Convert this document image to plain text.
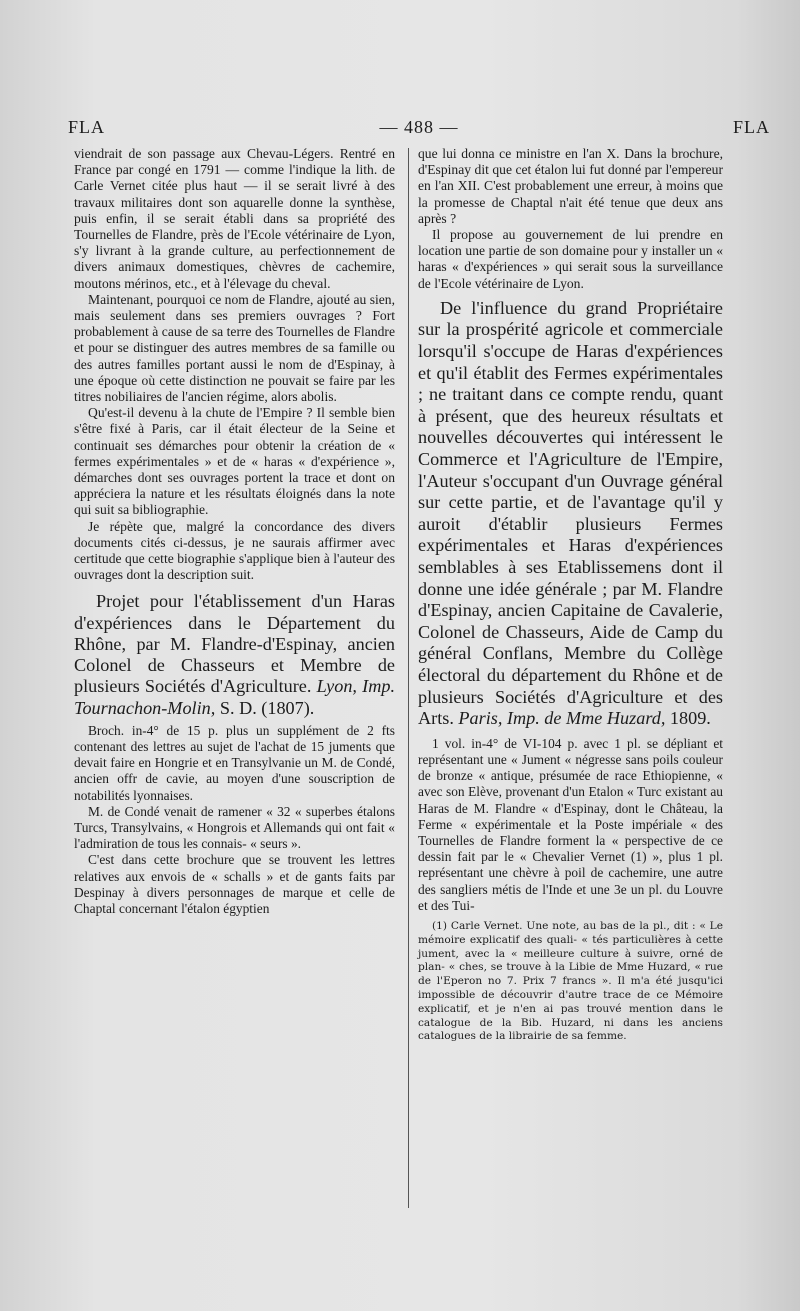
FLA	— 488 —	FLA

viendrait de son passage aux Chevau-Légers. Rentré en France par congé en 1791 — comme l'indique la lith. de Carle Vernet citée plus haut — il se serait livré à des travaux militaires dont son aquarelle donne la synthèse, puis enfin, il se serait établi dans sa propriété des Tournelles de Flandre, près de l'Ecole vétérinaire de Lyon, s'y livrant à la grande culture, au perfectionnement de divers animaux domestiques, chèvres de cachemire, moutons mérinos, etc., et à l'élevage du cheval.

Maintenant, pourquoi ce nom de Flandre, ajouté au sien, mais seulement dans ses premiers ouvrages ? Fort probablement à cause de sa terre des Tournelles de Flandre et pour se distinguer des autres membres de sa famille ou des autres familles portant aussi le nom de d'Espinay, à une époque où cette distinction ne pouvait se faire par les titres nobiliaires de l'ancien régime, alors abolis.

Qu'est-il devenu à la chute de l'Empire ? Il semble bien s'être fixé à Paris, car il était électeur de la Seine et continuait ses démarches pour obtenir la création de « fermes expérimentales » et de « haras « d'expérience », démarches dont ses ouvrages portent la trace et dont on appréciera la nature et les résultats éloignés dans la note qui suit sa bibliographie.

Je répète que, malgré la concordance des divers documents cités ci-dessus, je ne saurais affirmer avec certitude que cette biographie s'applique bien à l'auteur des ouvrages dont la description suit.

Projet pour l'établissement d'un Haras d'expériences dans le Département du Rhône, par M. Flandre-d'Espinay, ancien Colonel de Chasseurs et Membre de plusieurs Sociétés d'Agriculture. Lyon, Imp. Tournachon-Molin, S. D. (1807).

Broch. in-4° de 15 p. plus un supplément de 2 fts contenant des lettres au sujet de l'achat de 15 juments que devait faire en Hongrie et en Transylvanie un M. de Condé, ancien offr de cavie, au moyen d'une souscription de notabilités lyonnaises.

M. de Condé venait de ramener « 32 « superbes étalons Turcs, Transylvains, « Hongrois et Allemands qui ont fait « l'admiration de tous les connais- « seurs ».

C'est dans cette brochure que se trouvent les lettres relatives aux envois de « schalls » et de gants faits par Despinay à divers personnages de marque et celle de Chaptal concernant l'étalon égyptien

que lui donna ce ministre en l'an X. Dans la brochure, d'Espinay dit que cet étalon lui fut donné par l'empereur en l'an XII. C'est probablement une erreur, à moins que la promesse de Chaptal n'ait été tenue que deux ans après ?

Il propose au gouvernement de lui prendre en location une partie de son domaine pour y installer un « haras « d'expériences » qui serait sous la surveillance de l'Ecole vétérinaire de Lyon.

De l'influence du grand Propriétaire sur la prospérité agricole et commerciale lorsqu'il s'occupe de Haras d'expériences et qu'il établit des Fermes expérimentales ; ne traitant dans ce compte rendu, quant à présent, que des heureux résultats et nouvelles découvertes qui intéressent le Commerce et l'Agriculture de l'Empire, l'Auteur s'occupant d'un Ouvrage général sur cette partie, et de l'avantage qu'il y auroit d'établir plusieurs Fermes expérimentales et Haras d'expériences semblables à ses Etablissemens dont il donne une idée générale ; par M. Flandre d'Espinay, ancien Capitaine de Cavalerie, Colonel de Chasseurs, Aide de Camp du général Conflans, Membre du Collège électoral du département du Rhône et de plusieurs Sociétés d'Agriculture et des Arts. Paris, Imp. de Mme Huzard, 1809.

1 vol. in-4° de VI-104 p. avec 1 pl. se dépliant et représentant une « Jument « négresse sans poils couleur de bronze « antique, présumée de race Ethiopienne, « avec son Elève, provenant d'un Etalon « Turc existant au Haras de M. Flandre « d'Espinay, dont le Château, la Ferme « expérimentale et la Poste impériale « des Tournelles de Flandre forment la « perspective de ce dessin fait par le « Chevalier Vernet (1) », plus 1 pl. représentant une chèvre à poil de cachemire, une autre des sangliers métis de l'Inde et une 3e un pl. du Louvre et des Tui-

(1) Carle Vernet. Une note, au bas de la pl., dit : « Le mémoire explicatif des quali- « tés particulières à cette jument, avec la « meilleure culture à suivre, orné de plan- « ches, se trouve à la Libie de Mme Huzard, « rue de l'Eperon no 7. Prix 7 francs ». Il m'a été jusqu'ici impossible de découvrir d'autre trace de ce Mémoire explicatif, et je n'en ai pas trouvé mention dans le catalogue de la Bib. Huzard, ni dans les anciens catalogues de la librairie de sa femme.
